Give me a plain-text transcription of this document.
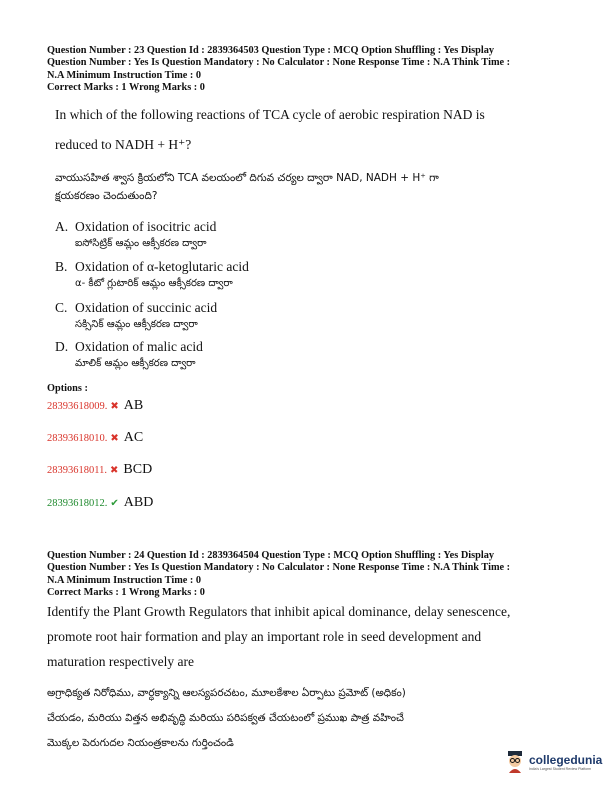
Question Number : 23 Question Id : 2839364503 Question Type : MCQ Option Shuffling : Yes Display

Question Number : Yes Is Question Mandatory : No Calculator : None Response Time : N.A Think Time :

N.A Minimum Instruction Time : 0

Correct Marks : 1 Wrong Marks : 0

In which of the following reactions of TCA cycle of aerobic respiration NAD is
reduced to NADH + H⁺?
వాయుసహిత శ్వాస క్రియలోని TCA వలయంలో దిగువ చర్యల ద్వారా NAD, NADH + H⁺ గా
క్షయకరణం చెందుతుంది?
A. Oxidation of isocitric acid
ఐసోసిట్రిక్ ఆమ్లం ఆక్సీకరణ ద్వారా
B. Oxidation of α-ketoglutaric acid
α- కీటో గ్లుటారిక్ ఆమ్లం ఆక్సీకరణ ద్వారా
C. Oxidation of succinic acid
సక్సినిక్ ఆమ్లం ఆక్సీకరణ ద్వారా
D. Oxidation of malic acid
మాలిక్ ఆమ్లం ఆక్సీకరణ ద్వారా
Options :
28393618009. ✖ AB
28393618010. ✖ AC
28393618011. ✖ BCD
28393618012. ✔ ABD

Question Number : 24 Question Id : 2839364504 Question Type : MCQ Option Shuffling : Yes Display

Question Number : Yes Is Question Mandatory : No Calculator : None Response Time : N.A Think Time :

N.A Minimum Instruction Time : 0

Correct Marks : 1 Wrong Marks : 0

Identify the Plant Growth Regulators that inhibit apical dominance, delay senescence,
promote root hair formation and play an important role in seed development and
maturation respectively are
అగ్రాధిక్యత నిరోధిము, వార్ధక్యాన్ని ఆలస్యపరచటం, మూలకేశాల ఏర్పాటు ప్రమోట్ (అధికం)
చేయడం, మరియు విత్తన అభివృద్ధి మరియు పరిపక్వత చేయటంలో ప్రముఖ పాత్ర వహించే
మొక్కల పెరుగుదల నియంత్రకాలను గుర్తించండి
collegedunia
India's Largest Student Review Platform
